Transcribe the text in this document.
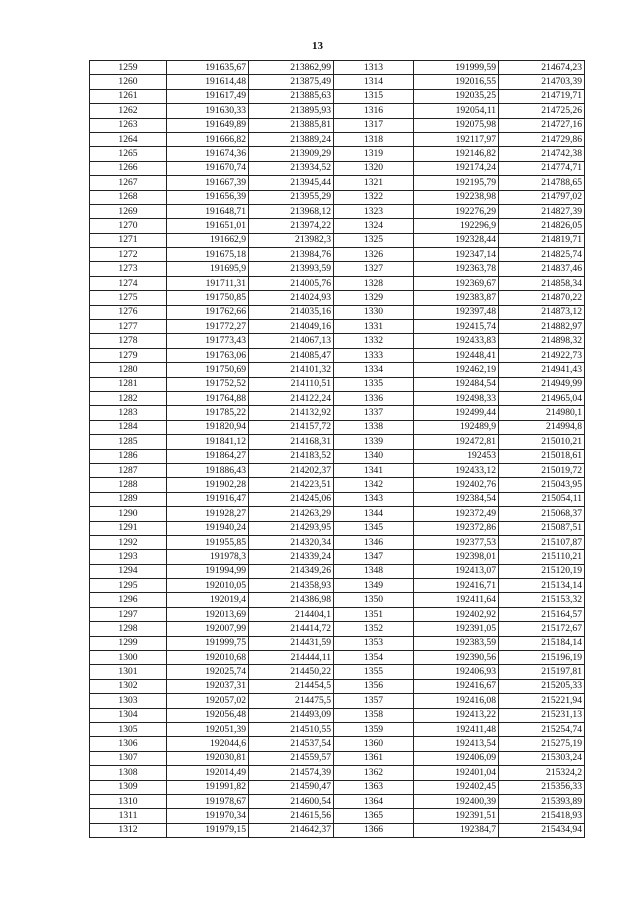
13
1259	191635,67	213862,99	1313	191999,59	214674,23
1260	191614,48	213875,49	1314	192016,55	214703,39
1261	191617,49	213885,63	1315	192035,25	214719,71
1262	191630,33	213895,93	1316	192054,11	214725,26
1263	191649,89	213885,81	1317	192075,98	214727,16
1264	191666,82	213889,24	1318	192117,97	214729,86
1265	191674,36	213909,29	1319	192146,82	214742,38
1266	191670,74	213934,52	1320	192174,24	214774,71
1267	191667,39	213945,44	1321	192195,79	214788,65
1268	191656,39	213955,29	1322	192238,98	214797,02
1269	191648,71	213968,12	1323	192276,29	214827,39
1270	191651,01	213974,22	1324	192296,9	214826,05
1271	191662,9	213982,3	1325	192328,44	214819,71
1272	191675,18	213984,76	1326	192347,14	214825,74
1273	191695,9	213993,59	1327	192363,78	214837,46
1274	191711,31	214005,76	1328	192369,67	214858,34
1275	191750,85	214024,93	1329	192383,87	214870,22
1276	191762,66	214035,16	1330	192397,48	214873,12
1277	191772,27	214049,16	1331	192415,74	214882,97
1278	191773,43	214067,13	1332	192433,83	214898,32
1279	191763,06	214085,47	1333	192448,41	214922,73
1280	191750,69	214101,32	1334	192462,19	214941,43
1281	191752,52	214110,51	1335	192484,54	214949,99
1282	191764,88	214122,24	1336	192498,33	214965,04
1283	191785,22	214132,92	1337	192499,44	214980,1
1284	191820,94	214157,72	1338	192489,9	214994,8
1285	191841,12	214168,31	1339	192472,81	215010,21
1286	191864,27	214183,52	1340	192453	215018,61
1287	191886,43	214202,37	1341	192433,12	215019,72
1288	191902,28	214223,51	1342	192402,76	215043,95
1289	191916,47	214245,06	1343	192384,54	215054,11
1290	191928,27	214263,29	1344	192372,49	215068,37
1291	191940,24	214293,95	1345	192372,86	215087,51
1292	191955,85	214320,34	1346	192377,53	215107,87
1293	191978,3	214339,24	1347	192398,01	215110,21
1294	191994,99	214349,26	1348	192413,07	215120,19
1295	192010,05	214358,93	1349	192416,71	215134,14
1296	192019,4	214386,98	1350	192411,64	215153,32
1297	192013,69	214404,1	1351	192402,92	215164,57
1298	192007,99	214414,72	1352	192391,05	215172,67
1299	191999,75	214431,59	1353	192383,59	215184,14
1300	192010,68	214444,11	1354	192390,56	215196,19
1301	192025,74	214450,22	1355	192406,93	215197,81
1302	192037,31	214454,5	1356	192416,67	215205,33
1303	192057,02	214475,5	1357	192416,08	215221,94
1304	192056,48	214493,09	1358	192413,22	215231,13
1305	192051,39	214510,55	1359	192411,48	215254,74
1306	192044,6	214537,54	1360	192413,54	215275,19
1307	192030,81	214559,57	1361	192406,09	215303,24
1308	192014,49	214574,39	1362	192401,04	215324,2
1309	191991,82	214590,47	1363	192402,45	215356,33
1310	191978,67	214600,54	1364	192400,39	215393,89
1311	191970,34	214615,56	1365	192391,51	215418,93
1312	191979,15	214642,37	1366	192384,7	215434,94
